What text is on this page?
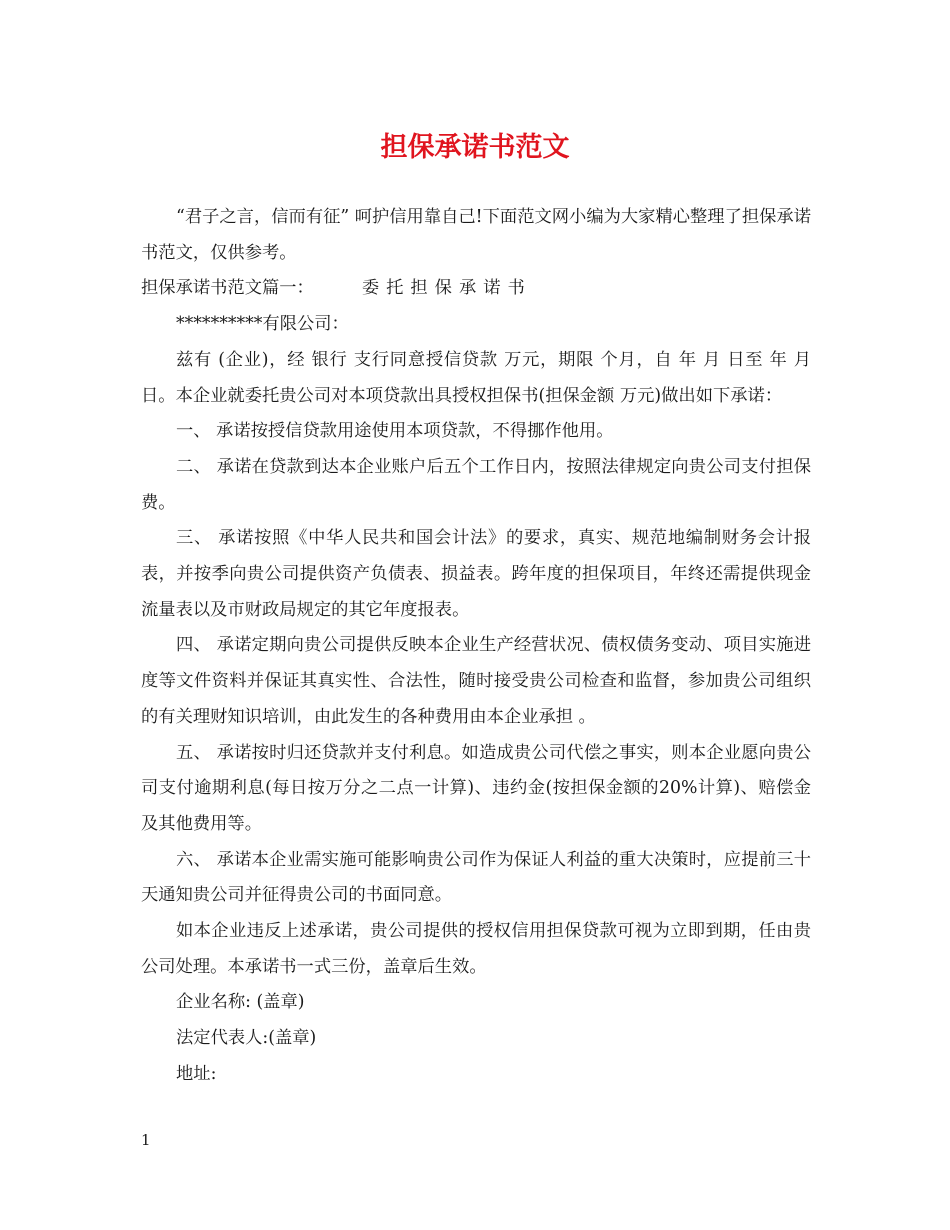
担保承诺书范文

“君子之言，信而有征” 呵护信用靠自己!下面范文网小编为大家精心整理了担保承诺书范文，仅供参考。

担保承诺书范文篇一：	委托担保承诺书

**********有限公司：

兹有 (企业)，经 银行 支行同意授信贷款 万元，期限 个月，自 年 月 日至 年 月 日。本企业就委托贵公司对本项贷款出具授权担保书(担保金额 万元)做出如下承诺：

一、 承诺按授信贷款用途使用本项贷款，不得挪作他用。

二、 承诺在贷款到达本企业账户后五个工作日内，按照法律规定向贵公司支付担保费。

三、 承诺按照《中华人民共和国会计法》的要求，真实、规范地编制财务会计报表，并按季向贵公司提供资产负债表、损益表。跨年度的担保项目，年终还需提供现金流量表以及市财政局规定的其它年度报表。

四、 承诺定期向贵公司提供反映本企业生产经营状况、债权债务变动、项目实施进度等文件资料并保证其真实性、合法性，随时接受贵公司检查和监督，参加贵公司组织的有关理财知识培训，由此发生的各种费用由本企业承担 。

五、 承诺按时归还贷款并支付利息。如造成贵公司代偿之事实，则本企业愿向贵公司支付逾期利息(每日按万分之二点一计算)、违约金(按担保金额的20%计算)、赔偿金及其他费用等。

六、 承诺本企业需实施可能影响贵公司作为保证人利益的重大决策时，应提前三十天通知贵公司并征得贵公司的书面同意。

如本企业违反上述承诺，贵公司提供的授权信用担保贷款可视为立即到期，任由贵公司处理。本承诺书一式三份，盖章后生效。

企业名称: (盖章)

法定代表人:(盖章)

地址:

1
